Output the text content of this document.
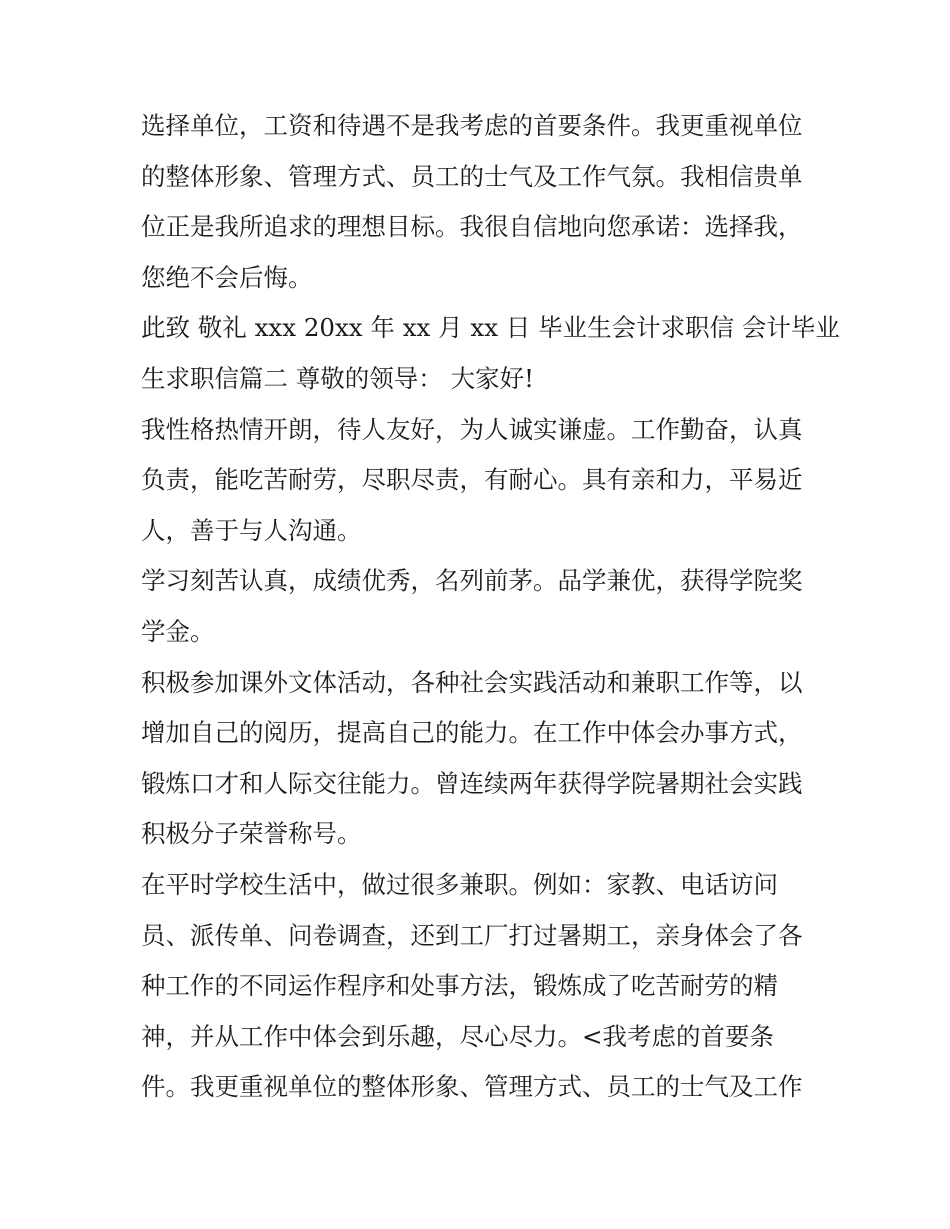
选择单位，工资和待遇不是我考虑的首要条件。我更重视单位
的整体形象、管理方式、员工的士气及工作气氛。我相信贵单
位正是我所追求的理想目标。我很自信地向您承诺：选择我，
您绝不会后悔。
此致 敬礼 xxx 20xx 年 xx 月 xx 日 毕业生会计求职信 会计毕业
生求职信篇二 尊敬的领导： 大家好!
我性格热情开朗，待人友好，为人诚实谦虚。工作勤奋，认真
负责，能吃苦耐劳，尽职尽责，有耐心。具有亲和力，平易近
人，善于与人沟通。
学习刻苦认真，成绩优秀，名列前茅。品学兼优，获得学院奖
学金。
积极参加课外文体活动，各种社会实践活动和兼职工作等，以
增加自己的阅历，提高自己的能力。在工作中体会办事方式，
锻炼口才和人际交往能力。曾连续两年获得学院暑期社会实践
积极分子荣誉称号。
在平时学校生活中，做过很多兼职。例如：家教、电话访问
员、派传单、问卷调查，还到工厂打过暑期工，亲身体会了各
种工作的不同运作程序和处事方法，锻炼成了吃苦耐劳的精
神，并从工作中体会到乐趣，尽心尽力。<我考虑的首要条
件。我更重视单位的整体形象、管理方式、员工的士气及工作
